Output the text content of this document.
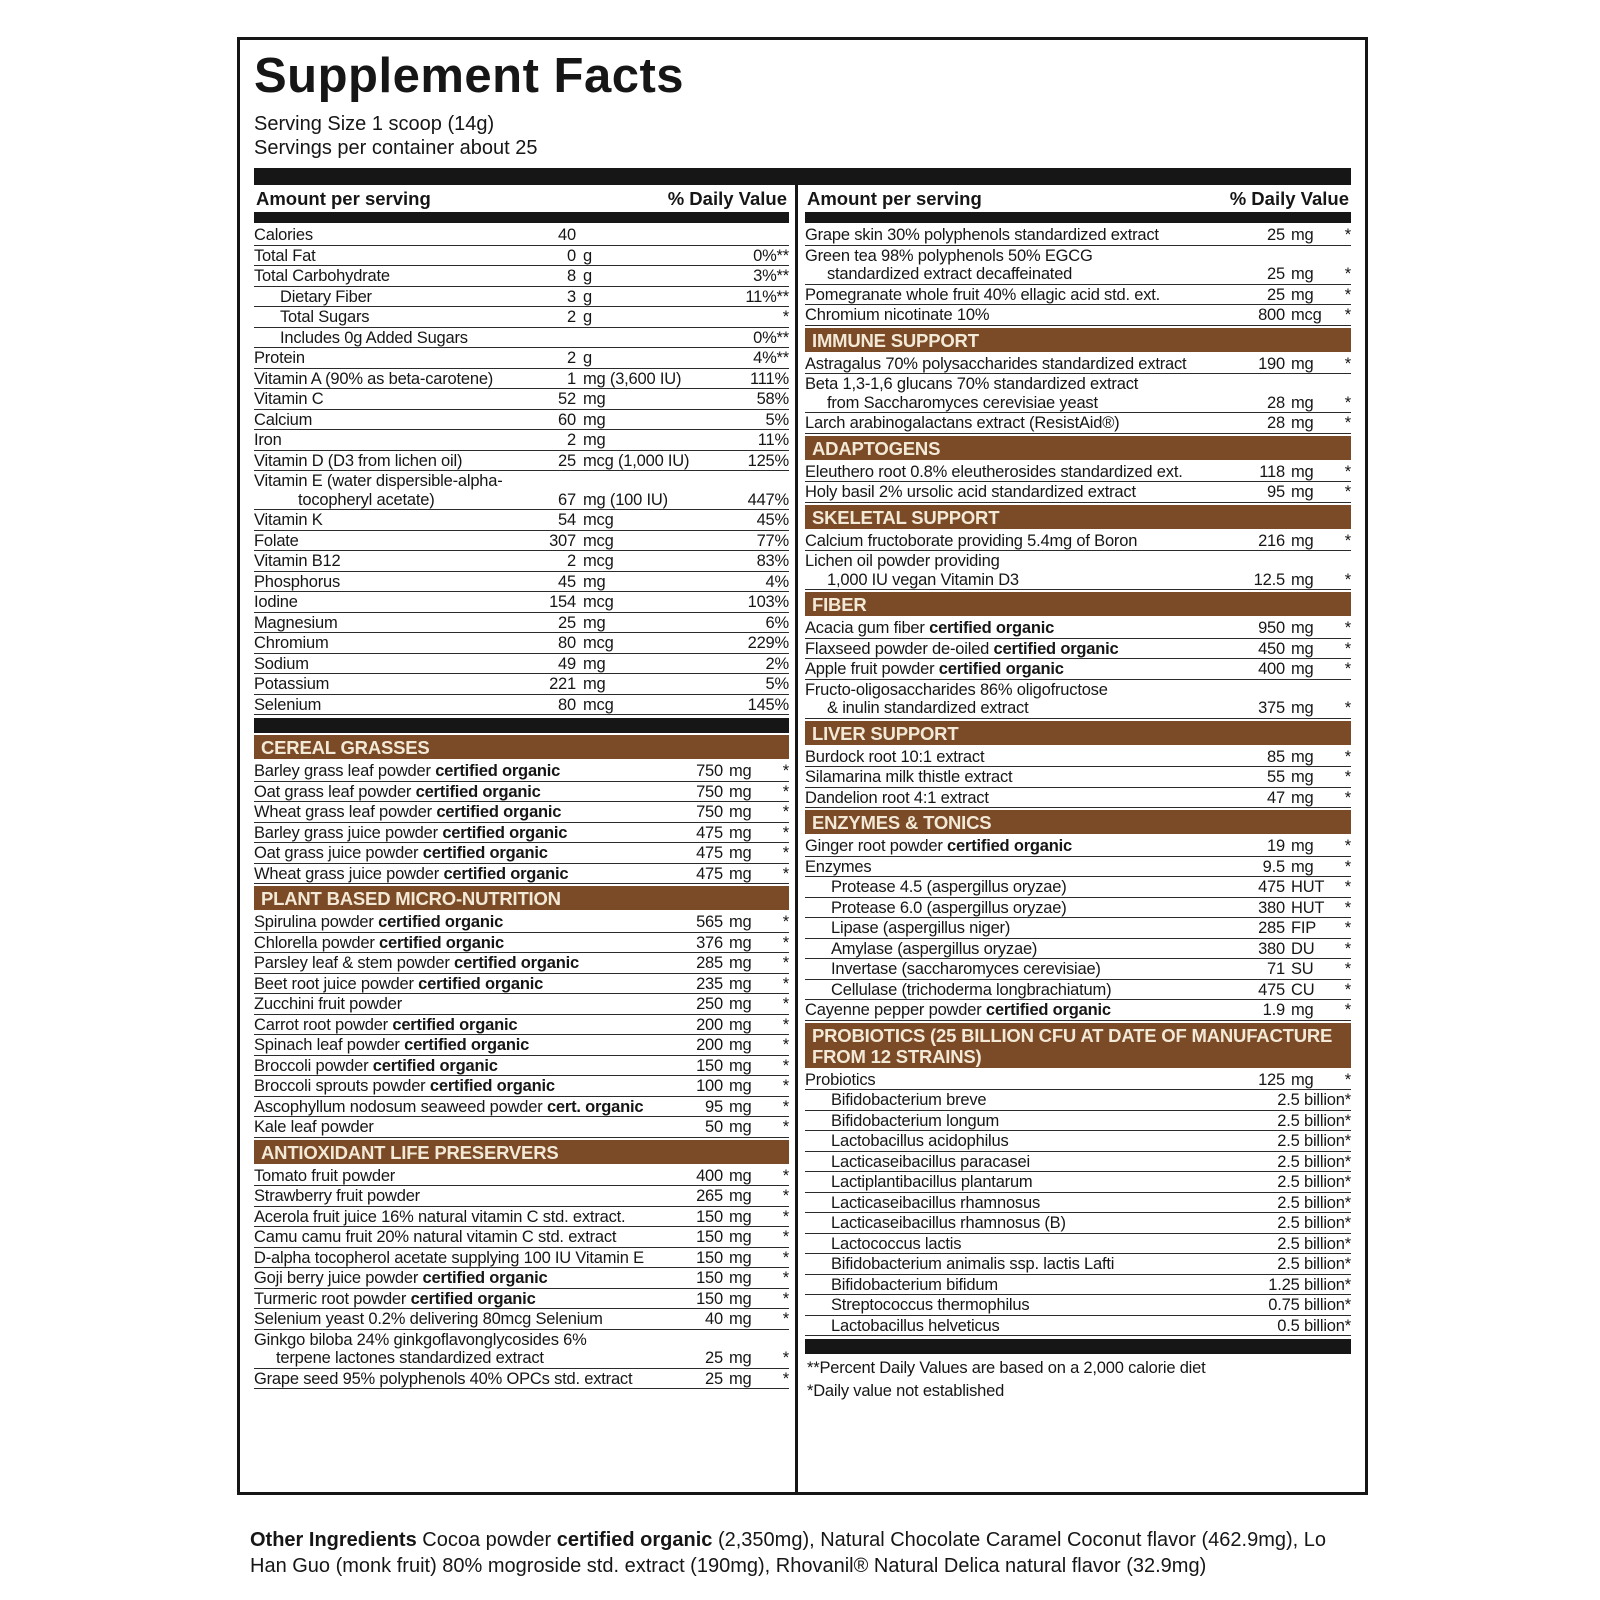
Supplement Facts
Serving Size 1 scoop (14g)
Servings per container about 25
Amount per serving	% Daily Value
Calories	40
Total Fat	0 g	0%**
Total Carbohydrate	8 g	3%**
Dietary Fiber	3 g	11%**
Total Sugars	2 g	*
Includes 0g Added Sugars	0%**
Protein	2 g	4%**
Vitamin A (90% as beta-carotene)	1 mg (3,600 IU)	111%
Vitamin C	52 mg	58%
Calcium	60 mg	5%
Iron	2 mg	11%
Vitamin D (D3 from lichen oil)	25 mcg (1,000 IU)	125%
Vitamin E (water dispersible-alpha-
tocopheryl acetate)	67 mg (100 IU)	447%
Vitamin K	54 mcg	45%
Folate	307 mcg	77%
Vitamin B12	2 mcg	83%
Phosphorus	45 mg	4%
Iodine	154 mcg	103%
Magnesium	25 mg	6%
Chromium	80 mcg	229%
Sodium	49 mg	2%
Potassium	221 mg	5%
Selenium	80 mcg	145%
CEREAL GRASSES
Barley grass leaf powder certified organic	750 mg	*
Oat grass leaf powder certified organic	750 mg	*
Wheat grass leaf powder certified organic	750 mg	*
Barley grass juice powder certified organic	475 mg	*
Oat grass juice powder certified organic	475 mg	*
Wheat grass juice powder certified organic	475 mg	*
PLANT BASED MICRO-NUTRITION
Spirulina powder certified organic	565 mg	*
Chlorella powder certified organic	376 mg	*
Parsley leaf & stem powder certified organic	285 mg	*
Beet root juice powder certified organic	235 mg	*
Zucchini fruit powder	250 mg	*
Carrot root powder certified organic	200 mg	*
Spinach leaf powder certified organic	200 mg	*
Broccoli powder certified organic	150 mg	*
Broccoli sprouts powder certified organic	100 mg	*
Ascophyllum nodosum seaweed powder cert. organic	95 mg	*
Kale leaf powder	50 mg	*
ANTIOXIDANT LIFE PRESERVERS
Tomato fruit powder	400 mg	*
Strawberry fruit powder	265 mg	*
Acerola fruit juice 16% natural vitamin C std. extract.	150 mg	*
Camu camu fruit 20% natural vitamin C std. extract	150 mg	*
D-alpha tocopherol acetate supplying 100 IU Vitamin E	150 mg	*
Goji berry juice powder certified organic	150 mg	*
Turmeric root powder certified organic	150 mg	*
Selenium yeast 0.2% delivering 80mcg Selenium	40 mg	*
Ginkgo biloba 24% ginkgoflavonglycosides 6%
terpene lactones standardized extract	25 mg	*
Grape seed 95% polyphenols 40% OPCs std. extract	25 mg	*
Amount per serving	% Daily Value
Grape skin 30% polyphenols standardized extract	25 mg	*
Green tea 98% polyphenols 50% EGCG
standardized extract decaffeinated	25 mg	*
Pomegranate whole fruit 40% ellagic acid std. ext.	25 mg	*
Chromium nicotinate 10%	800 mcg	*
IMMUNE SUPPORT
Astragalus 70% polysaccharides standardized extract	190 mg	*
Beta 1,3-1,6 glucans 70% standardized extract
from Saccharomyces cerevisiae yeast	28 mg	*
Larch arabinogalactans extract (ResistAid®)	28 mg	*
ADAPTOGENS
Eleuthero root 0.8% eleutherosides standardized ext.	118 mg	*
Holy basil 2% ursolic acid standardized extract	95 mg	*
SKELETAL SUPPORT
Calcium fructoborate providing 5.4mg of Boron	216 mg	*
Lichen oil powder providing
1,000 IU vegan Vitamin D3	12.5 mg	*
FIBER
Acacia gum fiber certified organic	950 mg	*
Flaxseed powder de-oiled certified organic	450 mg	*
Apple fruit powder certified organic	400 mg	*
Fructo-oligosaccharides 86% oligofructose
& inulin standardized extract	375 mg	*
LIVER SUPPORT
Burdock root 10:1 extract	85 mg	*
Silamarina milk thistle extract	55 mg	*
Dandelion root 4:1 extract	47 mg	*
ENZYMES & TONICS
Ginger root powder certified organic	19 mg	*
Enzymes	9.5 mg	*
Protease 4.5 (aspergillus oryzae)	475 HUT	*
Protease 6.0 (aspergillus oryzae)	380 HUT	*
Lipase (aspergillus niger)	285 FIP	*
Amylase (aspergillus oryzae)	380 DU	*
Invertase (saccharomyces cerevisiae)	71 SU	*
Cellulase (trichoderma longbrachiatum)	475 CU	*
Cayenne pepper powder certified organic	1.9 mg	*
PROBIOTICS (25 BILLION CFU AT DATE OF MANUFACTURE FROM 12 STRAINS)
Probiotics	125 mg	*
Bifidobacterium breve	2.5 billion*
Bifidobacterium longum	2.5 billion*
Lactobacillus acidophilus	2.5 billion*
Lacticaseibacillus paracasei	2.5 billion*
Lactiplantibacillus plantarum	2.5 billion*
Lacticaseibacillus rhamnosus	2.5 billion*
Lacticaseibacillus rhamnosus (B)	2.5 billion*
Lactococcus lactis	2.5 billion*
Bifidobacterium animalis ssp. lactis Lafti	2.5 billion*
Bifidobacterium bifidum	1.25 billion*
Streptococcus thermophilus	0.75 billion*
Lactobacillus helveticus	0.5 billion*
**Percent Daily Values are based on a 2,000 calorie diet
*Daily value not established

Other Ingredients Cocoa powder certified organic (2,350mg), Natural Chocolate Caramel Coconut flavor (462.9mg), Lo Han Guo (monk fruit) 80% mogroside std. extract (190mg), Rhovanil® Natural Delica natural flavor (32.9mg)
